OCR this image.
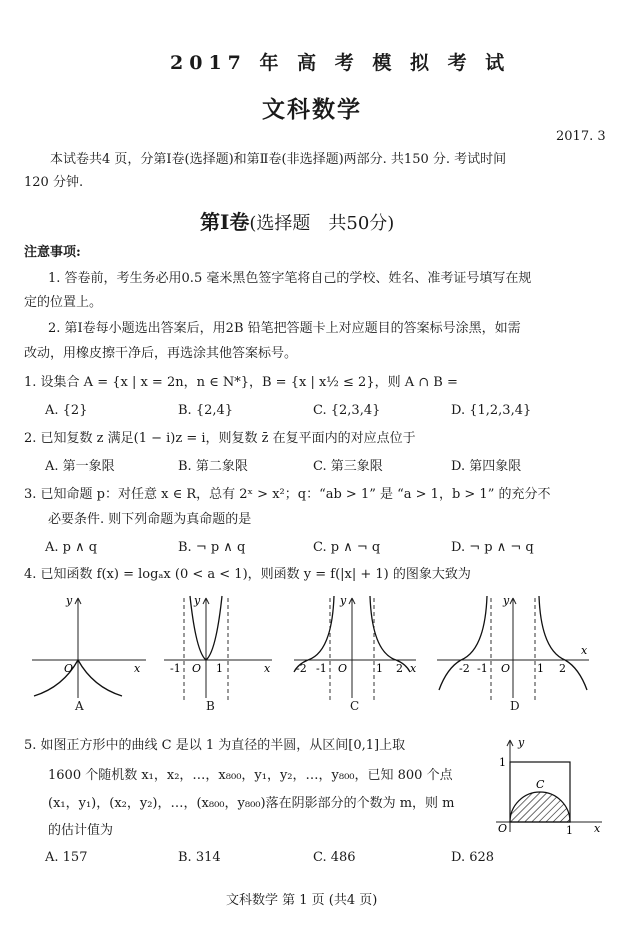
2017 年 高 考 模 拟 考 试
文科数学
2017. 3
本试卷共4 页，分第Ⅰ卷(选择题)和第Ⅱ卷(非选择题)两部分. 共150 分. 考试时间
120 分钟.
第Ⅰ卷(选择题　共50分)
注意事项:
1. 答卷前，考生务必用0.5 毫米黑色签字笔将自己的学校、姓名、准考证号填写在规
定的位置上。
2. 第Ⅰ卷每小题选出答案后，用2B 铅笔把答题卡上对应题目的答案标号涂黑，如需
改动，用橡皮擦干净后，再选涂其他答案标号。
1. 设集合 A = {x | x = 2n，n ∈ N*}，B = {x | x½ ≤ 2}，则 A ∩ B =
A. {2}	B. {2,4}	C. {2,3,4}	D. {1,2,3,4}
2. 已知复数 z 满足(1 − i)z = i，则复数 z̄ 在复平面内的对应点位于
A. 第一象限	B. 第二象限	C. 第三象限	D. 第四象限
3. 已知命题 p：对任意 x ∈ R，总有 2ˣ > x²；q：“ab > 1” 是 “a > 1，b > 1” 的充分不
必要条件. 则下列命题为真命题的是
A. p ∧ q	B. ¬ p ∧ q	C. p ∧ ¬ q	D. ¬ p ∧ ¬ q
4. 已知函数 f(x) = logₐx (0 < a < 1)，则函数 y = f(|x| + 1) 的图象大致为
y
x
O
A
y
x
O
-1	1
B
y
x
O
-2 -1	1 2
C
y
x
O
-2 -1	1 2
D
5. 如图正方形中的曲线 C 是以 1 为直径的半圆，从区间[0,1]上取
1600 个随机数 x₁，x₂，…，x₈₀₀，y₁，y₂，…，y₈₀₀，已知 800 个点
(x₁，y₁)，(x₂，y₂)，…，(x₈₀₀，y₈₀₀)落在阴影部分的个数为 m，则 m
的估计值为
A. 157	B. 314	C. 486	D. 628
y
x
O	1
1
C
文科数学 第 1 页 (共4 页)
